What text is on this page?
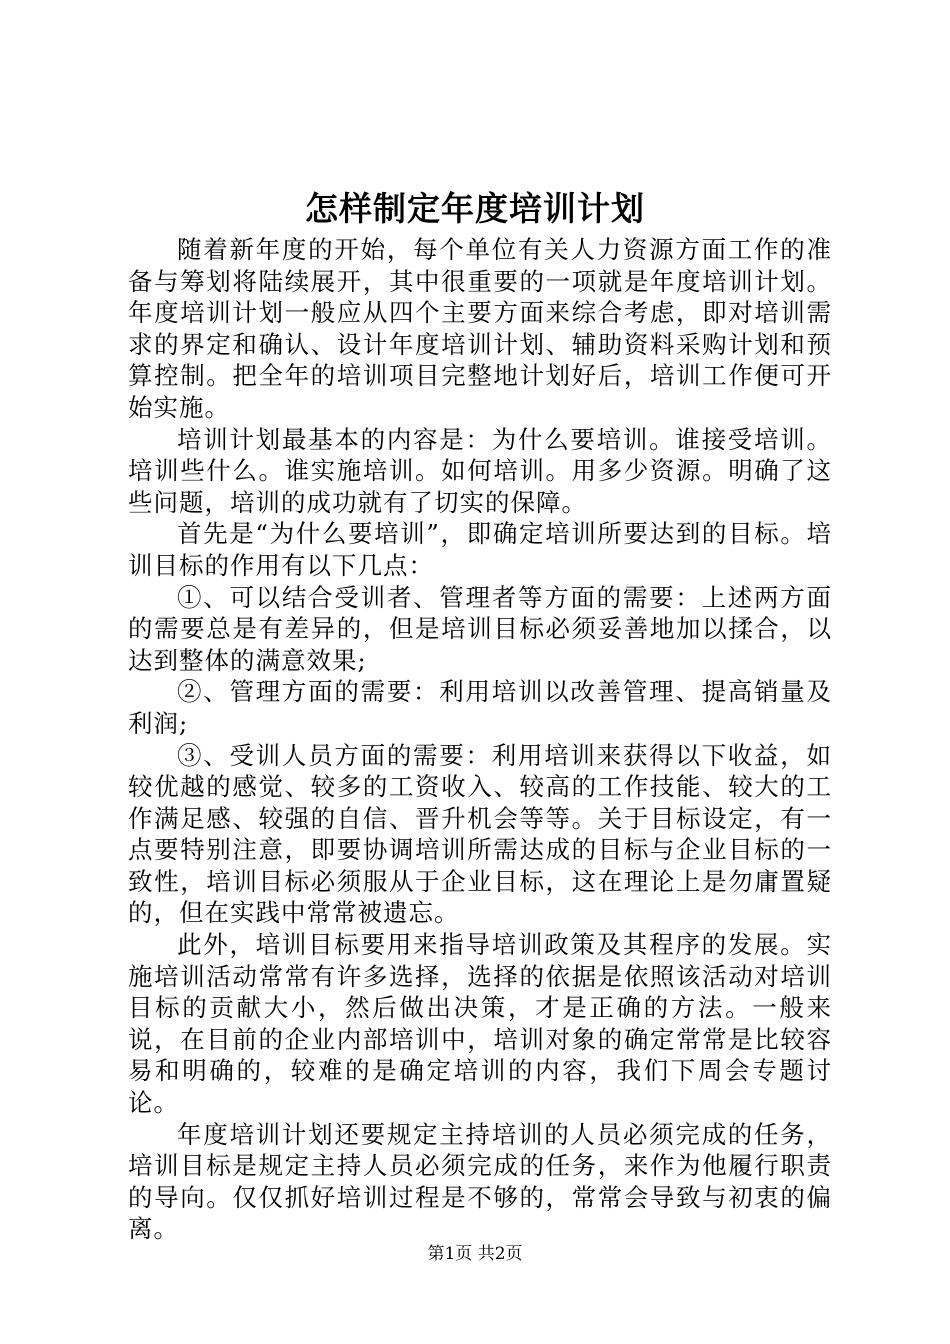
怎样制定年度培训计划

随着新年度的开始，每个单位有关人力资源方面工作的准备与筹划将陆续展开，其中很重要的一项就是年度培训计划。年度培训计划一般应从四个主要方面来综合考虑，即对培训需求的界定和确认、设计年度培训计划、辅助资料采购计划和预算控制。把全年的培训项目完整地计划好后，培训工作便可开始实施。

培训计划最基本的内容是：为什么要培训。谁接受培训。培训些什么。谁实施培训。如何培训。用多少资源。明确了这些问题，培训的成功就有了切实的保障。

首先是“为什么要培训”，即确定培训所要达到的目标。培训目标的作用有以下几点：

①、可以结合受训者、管理者等方面的需要：上述两方面的需要总是有差异的，但是培训目标必须妥善地加以揉合，以达到整体的满意效果;

②、管理方面的需要：利用培训以改善管理、提高销量及利润;

③、受训人员方面的需要：利用培训来获得以下收益，如较优越的感觉、较多的工资收入、较高的工作技能、较大的工作满足感、较强的自信、晋升机会等等。关于目标设定，有一点要特别注意，即要协调培训所需达成的目标与企业目标的一致性，培训目标必须服从于企业目标，这在理论上是勿庸置疑的，但在实践中常常被遗忘。

此外，培训目标要用来指导培训政策及其程序的发展。实施培训活动常常有许多选择，选择的依据是依照该活动对培训目标的贡献大小，然后做出决策，才是正确的方法。一般来说，在目前的企业内部培训中，培训对象的确定常常是比较容易和明确的，较难的是确定培训的内容，我们下周会专题讨论。

年度培训计划还要规定主持培训的人员必须完成的任务，培训目标是规定主持人员必须完成的任务，来作为他履行职责的导向。仅仅抓好培训过程是不够的，常常会导致与初衷的偏离。

第1页 共2页
